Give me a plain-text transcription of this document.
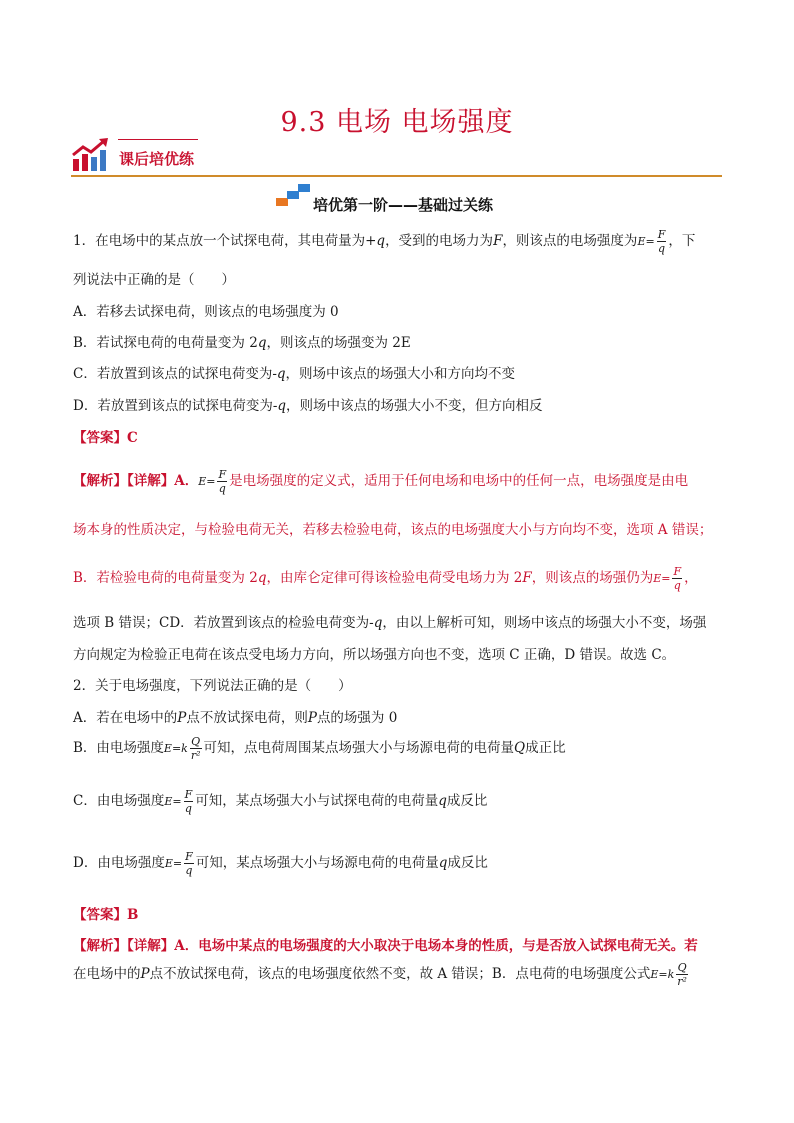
9.3 电场 电场强度
课后培优练
培优第一阶——基础过关练
1．在电场中的某点放一个试探电荷，其电荷量为+q，受到的电场力为F，则该点的电场强度为$E= \frac{F}{q}$ ，下
列说法中正确的是（　　）
A．若移去试探电荷，则该点的电场强度为 0
B．若试探电荷的电荷量变为 2q，则该点的场强变为 2E
C．若放置到该点的试探电荷变为-q，则场中该点的场强大小和方向均不变
D．若放置到该点的试探电荷变为-q，则场中该点的场强大小不变，但方向相反
【答案】C
【解析】【详解】A．$E= \frac{F}{q}$ 是电场强度的定义式，适用于任何电场和电场中的任何一点，电场强度是由电
场本身的性质决定，与检验电荷无关，若移去检验电荷，该点的电场强度大小与方向均不变，选项 A 错误；
B．若检验电荷的电荷量变为 2q，由库仑定律可得该检验电荷受电场力为 2F，则该点的场强仍为$E= \frac{F}{q}$ ，
选项 B 错误；CD．若放置到该点的检验电荷变为-q，由以上解析可知，则场中该点的场强大小不变，场强
方向规定为检验正电荷在该点受电场力方向，所以场强方向也不变，选项 C 正确，D 错误。故选 C。
2．关于电场强度，下列说法正确的是（　　）
A．若在电场中的P点不放试探电荷，则P点的场强为 0
B．由电场强度$E=k \frac{Q}{\text{r²}}$ 可知，点电荷周围某点场强大小与场源电荷的电荷量Q成正比
C．由电场强度$E= \frac{F}{q}$ 可知，某点场强大小与试探电荷的电荷量q成反比
D．由电场强度$E= \frac{F}{q}$ 可知，某点场强大小与场源电荷的电荷量q成反比
【答案】B
【解析】【详解】A．电场中某点的电场强度的大小取决于电场本身的性质，与是否放入试探电荷无关。若
在电场中的P点不放试探电荷，该点的电场强度依然不变，故 A 错误；B．点电荷的电场强度公式$E=k \frac{Q}{\text{r²}}$
